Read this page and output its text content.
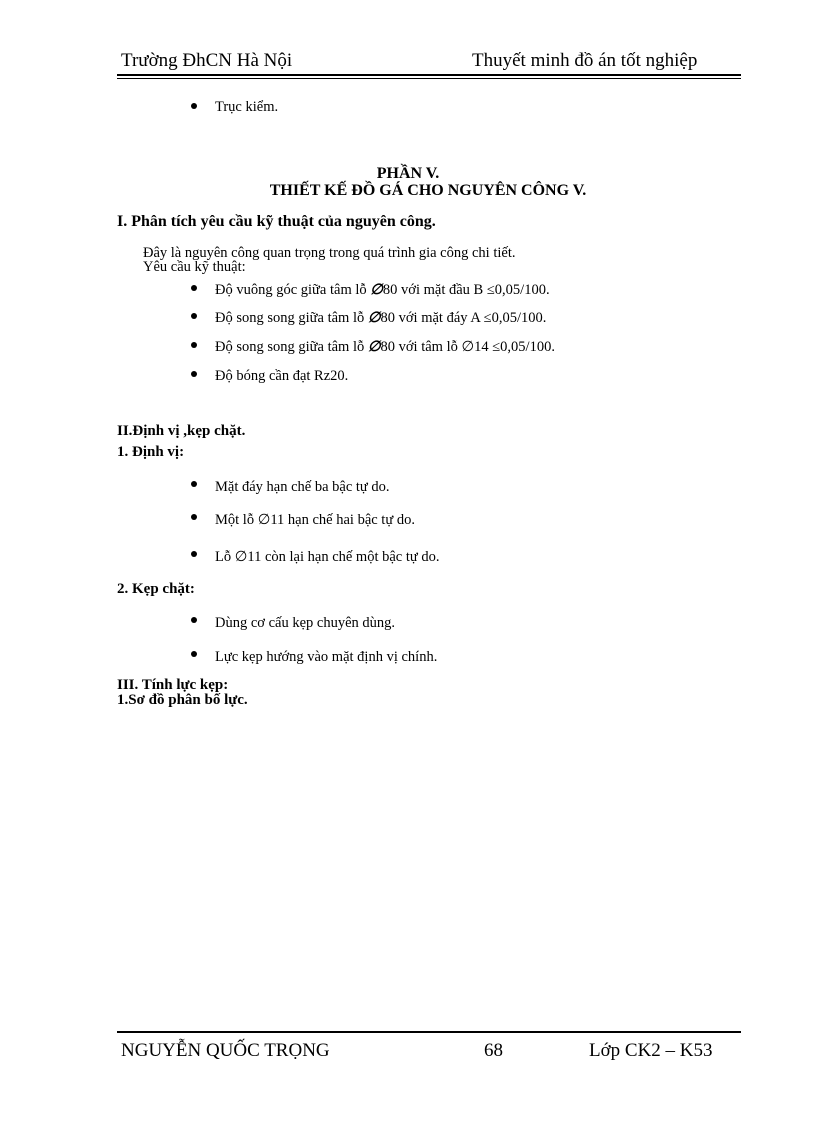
Trường ĐhCN Hà Nội	Thuyết minh đồ án tốt nghiệp
Trục kiểm.
PHẦN V.
THIẾT KẾ ĐỒ GÁ CHO NGUYÊN CÔNG V.
I. Phân tích yêu cầu kỹ thuật của nguyên công.
Đây là nguyên công quan trọng trong quá trình gia công chi tiết.
Yêu cầu kỹ thuật:
Độ vuông góc giữa tâm lỗ ∅80 với mặt đầu B ≤0,05/100.
Độ song song giữa tâm lỗ ∅80 với mặt đáy A ≤0,05/100.
Độ song song giữa tâm lỗ ∅80 với tâm lỗ ∅14 ≤0,05/100.
Độ bóng cần đạt Rz20.
II.Định vị ,kẹp chặt.
1. Định vị:
Mặt đáy hạn chế ba bậc tự do.
Một lỗ ∅11 hạn chế hai bậc tự do.
Lỗ ∅11 còn lại hạn chế một bậc tự do.
2. Kẹp chặt:
Dùng cơ cấu kẹp chuyên dùng.
Lực kẹp hướng vào mặt định vị chính.
III. Tính lực kẹp:
1.Sơ đồ phân bố lực.
NGUYỄN QUỐC TRỌNG	68	Lớp CK2 – K53
